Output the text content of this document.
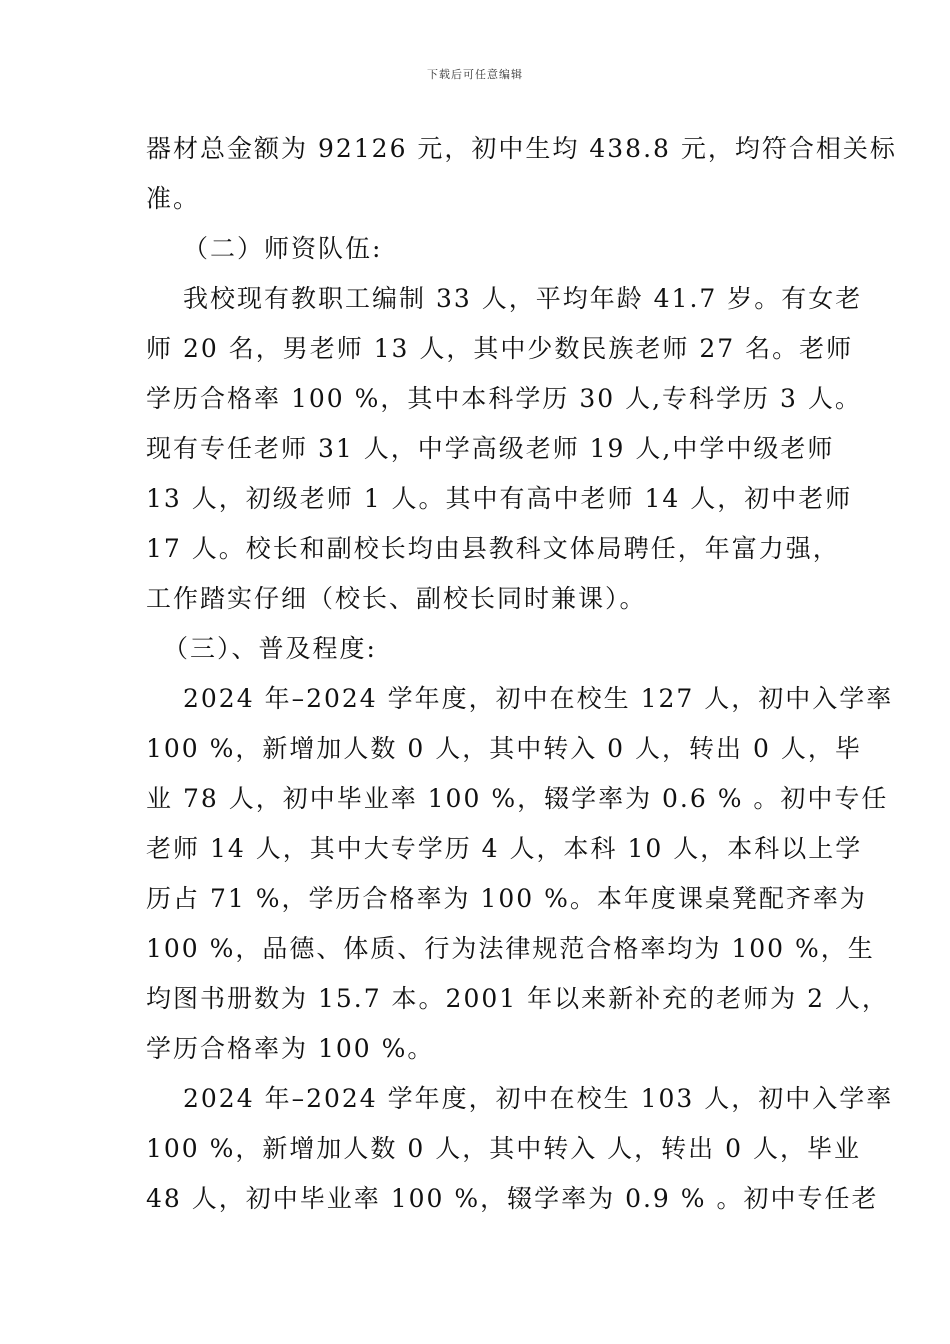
下载后可任意编辑
器材总金额为 92126 元，初中生均 438.8 元，均符合相关标
准。
（二）师资队伍:
我校现有教职工编制 33 人，平均年龄 41.7 岁。有女老
师 20 名，男老师 13 人，其中少数民族老师 27 名。老师
学历合格率 100 %，其中本科学历 30 人,专科学历 3 人。
现有专任老师 31 人，中学高级老师 19 人,中学中级老师
13 人，初级老师 1 人。其中有高中老师 14 人，初中老师
17 人。校长和副校长均由县教科文体局聘任，年富力强，
工作踏实仔细（校长、副校长同时兼课）。
（三）、普及程度:
2024 年–2024 学年度，初中在校生 127 人，初中入学率
100 %，新增加人数 0 人，其中转入 0 人，转出 0 人，毕
业 78 人，初中毕业率 100 %，辍学率为 0.6 % 。初中专任
老师 14 人，其中大专学历 4 人，本科 10 人，本科以上学
历占 71 %，学历合格率为 100 %。本年度课桌凳配齐率为
100 %，品德、体质、行为法律规范合格率均为 100 %，生
均图书册数为 15.7 本。2001 年以来新补充的老师为 2 人，
学历合格率为 100 %。
2024 年–2024 学年度，初中在校生 103 人，初中入学率
100 %，新增加人数 0 人，其中转入 人，转出 0 人，毕业
48 人，初中毕业率 100 %，辍学率为 0.9 % 。初中专任老
